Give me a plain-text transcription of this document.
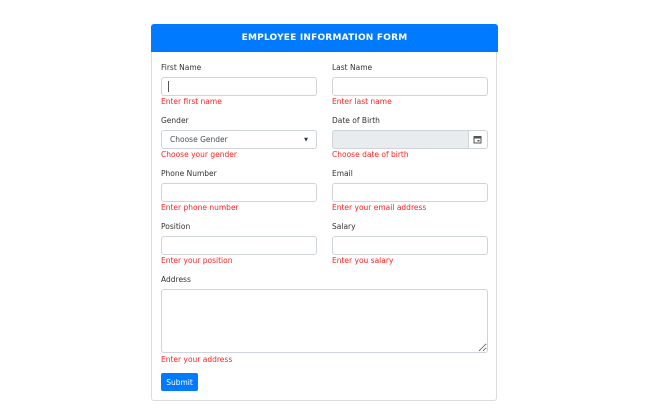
EMPLOYEE INFORMATION FORM
First Name
Enter first name
Last Name
Enter last name
Gender
Choose Gender	▼
Choose your gender
Date of Birth
Choose date of birth
Phone Number
Enter phone number
Email
Enter your email address
Position
Enter your position
Salary
Enter you salary
Address
Enter your address
Submit
